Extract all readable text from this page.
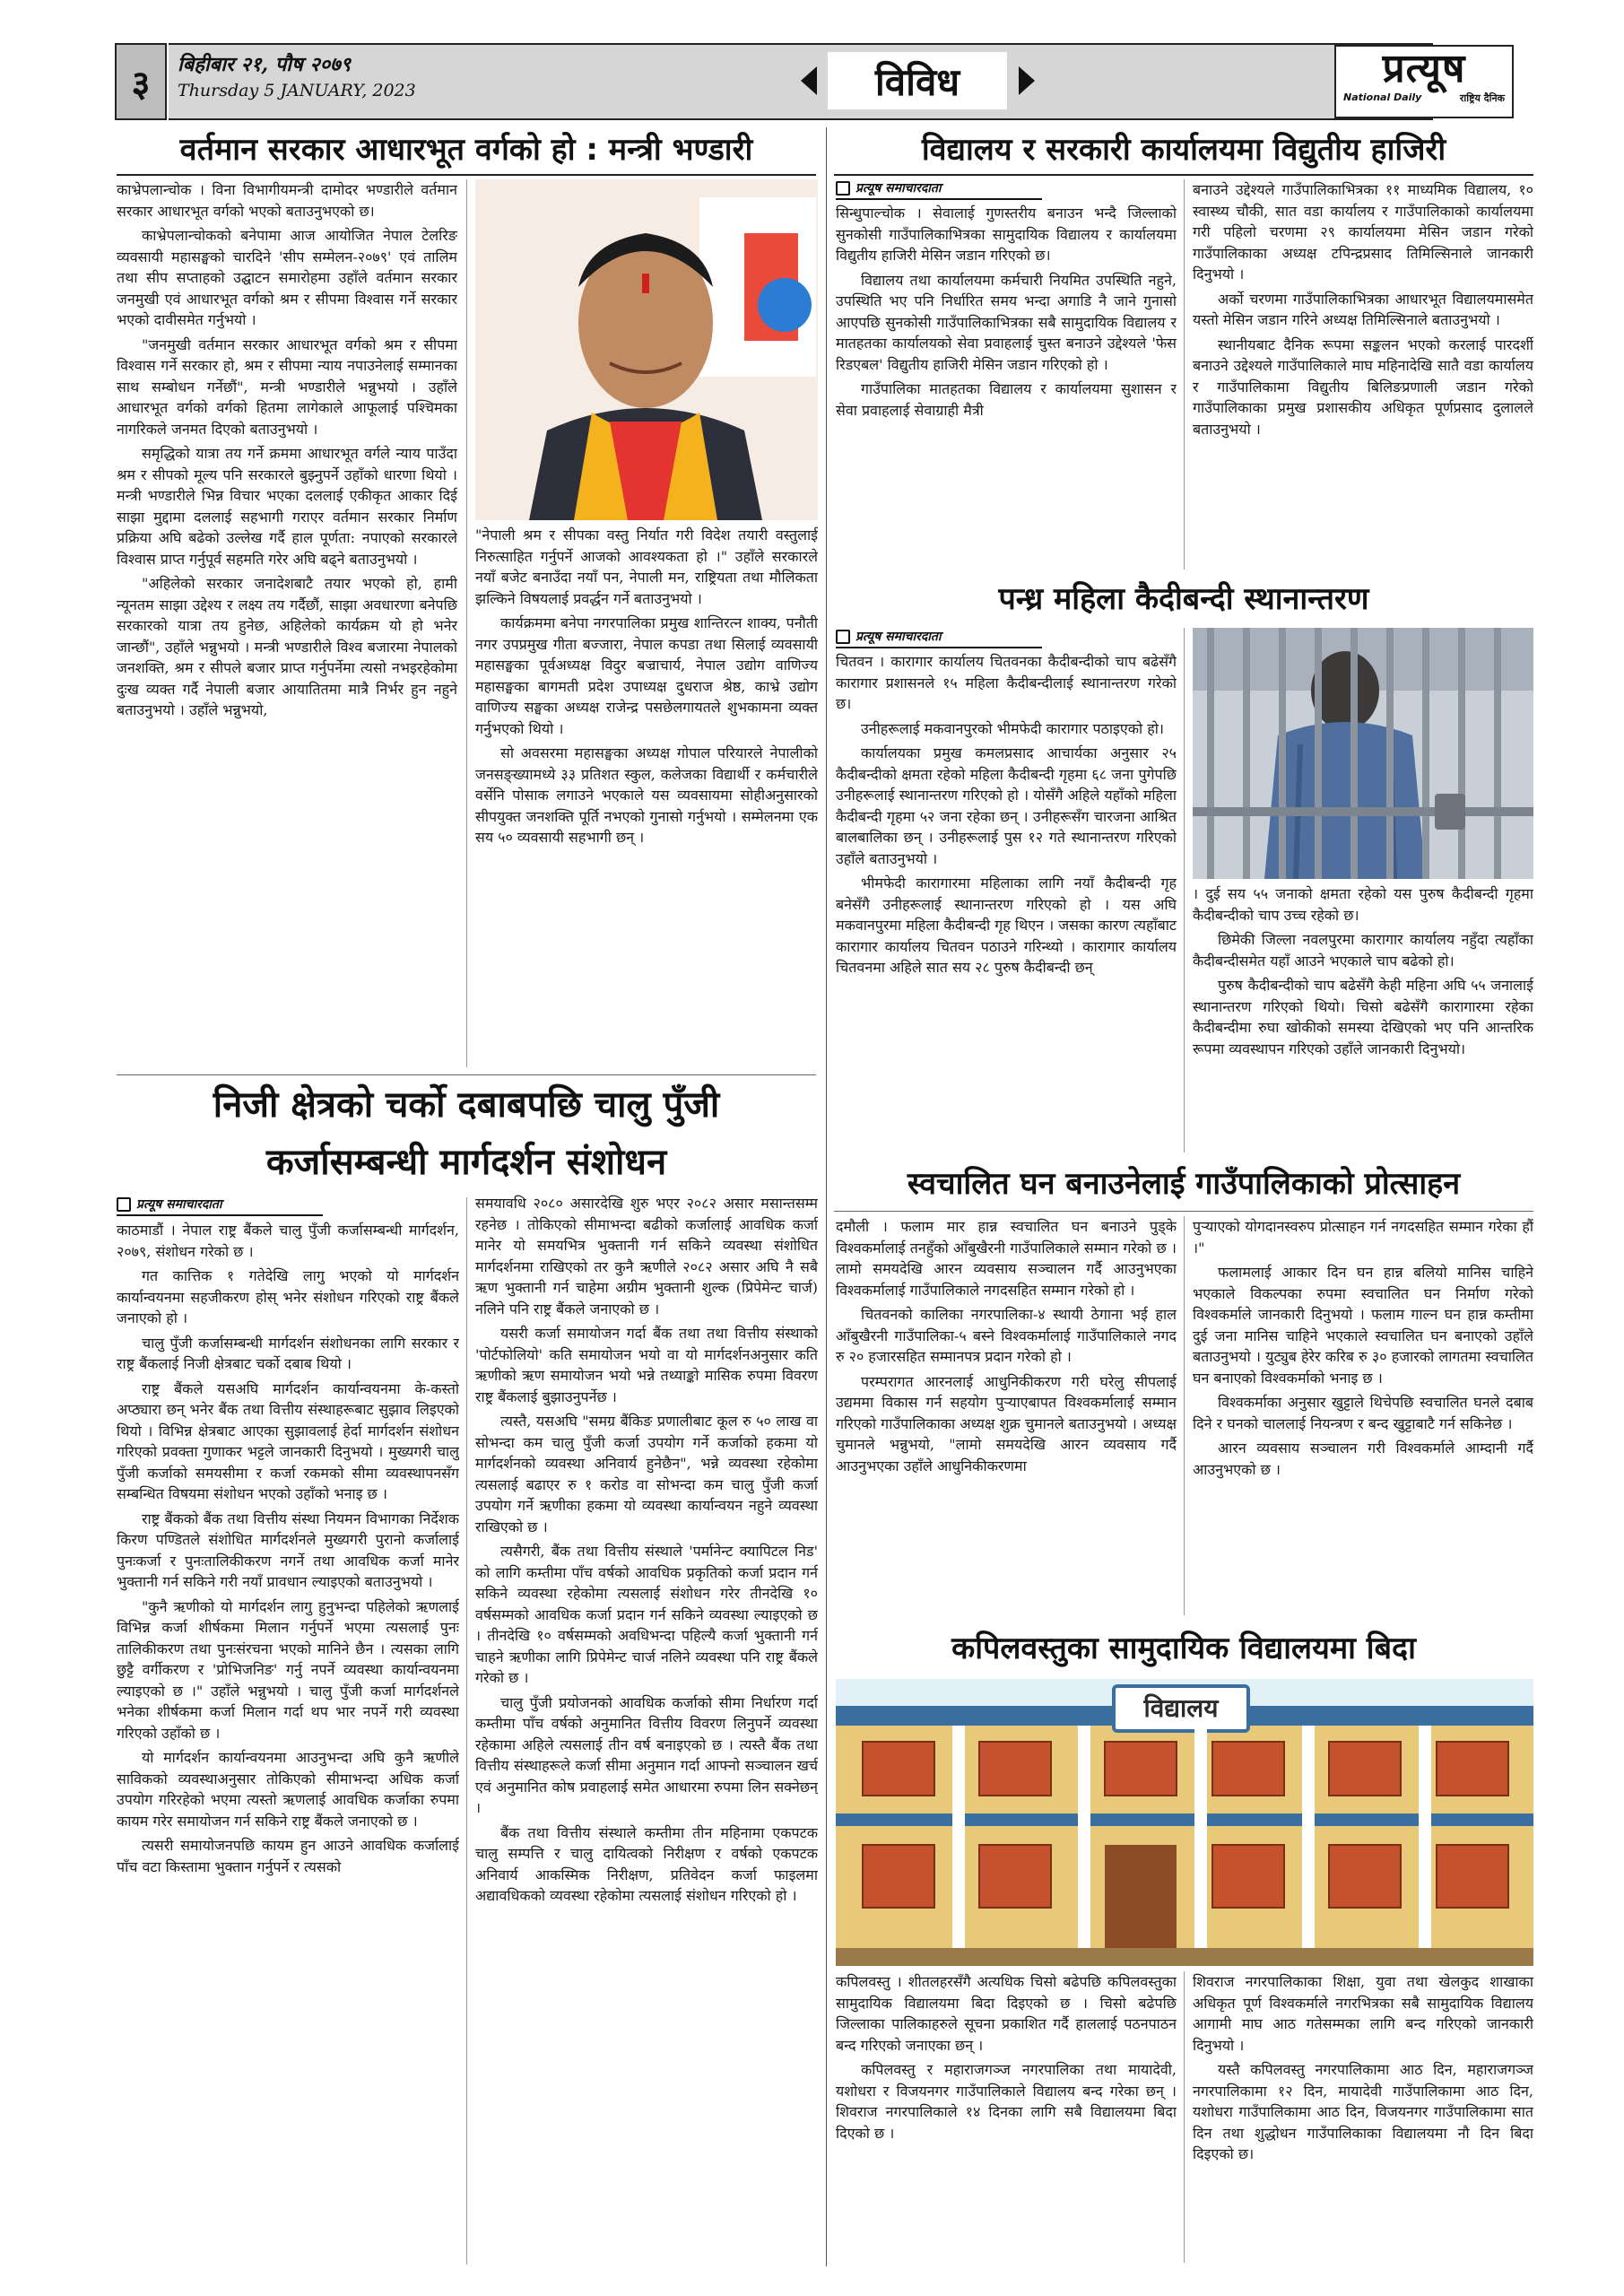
३ बिहीबार २१, पौष २०७९
Thursday 5 JANUARY, 2023	विविध	प्रत्यूष
National Daily	राष्ट्रिय दैनिक
वर्तमान सरकार आधारभूत वर्गको हो : मन्त्री भण्डारी

काभ्रेपलान्चोक । विना विभागीयमन्त्री दामोदर भण्डारीले वर्तमान सरकार आधारभूत वर्गको भएको बताउनुभएको छ।

काभ्रेपलान्चोकको बनेपामा आज आयोजित नेपाल टेलरिङ व्यवसायी महासङ्घको चारदिने 'सीप सम्मेलन-२०७९' एवं तालिम तथा सीप सप्ताहको उद्घाटन समारोहमा उहाँले वर्तमान सरकार जनमुखी एवं आधारभूत वर्गको श्रम र सीपमा विश्वास गर्ने सरकार भएको दावीसमेत गर्नुभयो ।

"जनमुखी वर्तमान सरकार आधारभूत वर्गको श्रम र सीपमा विश्वास गर्ने सरकार हो, श्रम र सीपमा न्याय नपाउनेलाई सम्मानका साथ सम्बोधन गर्नेछौं", मन्त्री भण्डारीले भन्नुभयो । उहाँले आधारभूत वर्गको वर्गको हितमा लागेकाले आफूलाई पश्चिमका नागरिकले जनमत दिएको बताउनुभयो ।

समृद्धिको यात्रा तय गर्ने क्रममा आधारभूत वर्गले न्याय पाउँदा श्रम र सीपको मूल्य पनि सरकारले बुझ्नुपर्ने उहाँको धारणा थियो । मन्त्री भण्डारीले भिन्न विचार भएका दललाई एकीकृत आकार दिई साझा मुद्दामा दललाई सहभागी गराएर वर्तमान सरकार निर्माण प्रक्रिया अघि बढेको उल्लेख गर्दै हाल पूर्णता: नपाएको सरकारले विश्वास प्राप्त गर्नुपूर्व सहमति गरेर अघि बढ्ने बताउनुभयो ।

"अहिलेको सरकार जनादेशबाटै तयार भएको हो, हामी न्यूनतम साझा उद्देश्य र लक्ष्य तय गर्दैछौं, साझा अवधारणा बनेपछि सरकारको यात्रा तय हुनेछ, अहिलेको कार्यक्रम यो हो भनेर जान्छौं", उहाँले भन्नुभयो । मन्त्री भण्डारीले विश्व बजारमा नेपालको जनशक्ति, श्रम र सीपले बजार प्राप्त गर्नुपर्नेमा त्यसो नभइरहेकोमा दुःख व्यक्त गर्दै नेपाली बजार आयातितमा मात्रै निर्भर हुन नहुने बताउनुभयो । उहाँले भन्नुभयो,

"नेपाली श्रम र सीपका वस्तु निर्यात गरी विदेश तयारी वस्तुलाई निरुत्साहित गर्नुपर्ने आजको आवश्यकता हो ।" उहाँले सरकारले नयाँ बजेट बनाउँदा नयाँ पन, नेपाली मन, राष्ट्रियता तथा मौलिकता झल्किने विषयलाई प्रवर्द्धन गर्ने बताउनुभयो ।

कार्यक्रममा बनेपा नगरपालिका प्रमुख शान्तिरत्न शाक्य, पनौती नगर उपप्रमुख गीता बज्जारा, नेपाल कपडा तथा सिलाई व्यवसायी महासङ्घका पूर्वअध्यक्ष विदुर बज्राचार्य, नेपाल उद्योग वाणिज्य महासङ्घका बागमती प्रदेश उपाध्यक्ष दुधराज श्रेष्ठ, काभ्रे उद्योग वाणिज्य सङ्घका अध्यक्ष राजेन्द्र पसछेलगायतले शुभकामना व्यक्त गर्नुभएको थियो ।

सो अवसरमा महासङ्घका अध्यक्ष गोपाल परियारले नेपालीको जनसङ्ख्यामध्ये ३३ प्रतिशत स्कुल, कलेजका विद्यार्थी र कर्मचारीले वर्सेनि पोसाक लगाउने भएकाले यस व्यवसायमा सोहीअनुसारको सीपयुक्त जनशक्ति पूर्ति नभएको गुनासो गर्नुभयो । सम्मेलनमा एक सय ५० व्यवसायी सहभागी छन् ।

निजी क्षेत्रको चर्को दबाबपछि चालु पुँजी
कर्जासम्बन्धी मार्गदर्शन संशोधन
प्रत्यूष समाचारदाता

काठमाडौं । नेपाल राष्ट्र बैंकले चालु पुँजी कर्जासम्बन्धी मार्गदर्शन, २०७९, संशोधन गरेको छ ।

गत कात्तिक १ गतेदेखि लागु भएको यो मार्गदर्शन कार्यान्वयनमा सहजीकरण होस् भनेर संशोधन गरिएको राष्ट्र बैंकले जनाएको हो ।

चालु पुँजी कर्जासम्बन्धी मार्गदर्शन संशोधनका लागि सरकार र राष्ट्र बैंकलाई निजी क्षेत्रबाट चर्को दबाब थियो ।

राष्ट्र बैंकले यसअघि मार्गदर्शन कार्यान्वयनमा के-कस्तो अप्ठ्यारा छन् भनेर बैंक तथा वित्तीय संस्थाहरूबाट सुझाव लिइएको थियो । विभिन्न क्षेत्रबाट आएका सुझावलाई हेर्दा मार्गदर्शन संशोधन गरिएको प्रवक्ता गुणाकर भट्टले जानकारी दिनुभयो । मुख्यगरी चालु पुँजी कर्जाको समयसीमा र कर्जा रकमको सीमा व्यवस्थापनसँग सम्बन्धित विषयमा संशोधन भएको उहाँको भनाइ छ ।

राष्ट्र बैंकको बैंक तथा वित्तीय संस्था नियमन विभागका निर्देशक किरण पण्डितले संशोधित मार्गदर्शनले मुख्यगरी पुरानो कर्जालाई पुनःकर्जा र पुनःतालिकीकरण नगर्ने तथा आवधिक कर्जा मानेर भुक्तानी गर्न सकिने गरी नयाँ प्रावधान ल्याइएको बताउनुभयो ।

"कुनै ऋणीको यो मार्गदर्शन लागु हुनुभन्दा पहिलेको ऋणलाई विभिन्न कर्जा शीर्षकमा मिलान गर्नुपर्ने भएमा त्यसलाई पुनः तालिकीकरण तथा पुनःसंरचना भएको मानिने छैन । त्यसका लागि छुट्टै वर्गीकरण र 'प्रोभिजनिङ' गर्नु नपर्ने व्यवस्था कार्यान्वयनमा ल्याइएको छ ।" उहाँले भन्नुभयो । चालु पुँजी कर्जा मार्गदर्शनले भनेका शीर्षकमा कर्जा मिलान गर्दा थप भार नपर्ने गरी व्यवस्था गरिएको उहाँको छ ।

यो मार्गदर्शन कार्यान्वयनमा आउनुभन्दा अघि कुनै ऋणीले साविकको व्यवस्थाअनुसार तोकिएको सीमाभन्दा अधिक कर्जा उपयोग गरिरहेको भएमा त्यस्तो ऋणलाई आवधिक कर्जाका रुपमा कायम गरेर समायोजन गर्न सकिने राष्ट्र बैंकले जनाएको छ ।

त्यसरी समायोजनपछि कायम हुन आउने आवधिक कर्जालाई पाँच वटा किस्तामा भुक्तान गर्नुपर्ने र त्यसको

समयावधि २०८० असारदेखि शुरु भएर २०८२ असार मसान्तसम्म रहनेछ । तोकिएको सीमाभन्दा बढीको कर्जालाई आवधिक कर्जा मानेर यो समयभित्र भुक्तानी गर्न सकिने व्यवस्था संशोधित मार्गदर्शनमा राखिएको तर कुनै ऋणीले २०८२ असार अघि नै सबै ऋण भुक्तानी गर्न चाहेमा अग्रीम भुक्तानी शुल्क (प्रिपेमेन्ट चार्ज) नलिने पनि राष्ट्र बैंकले जनाएको छ ।

यसरी कर्जा समायोजन गर्दा बैंक तथा तथा वित्तीय संस्थाको 'पोर्टफोलियो' कति समायोजन भयो वा यो मार्गदर्शनअनुसार कति ऋणीको ऋण समायोजन भयो भन्ने तथ्याङ्को मासिक रुपमा विवरण राष्ट्र बैंकलाई बुझाउनुपर्नेछ ।

त्यस्तै, यसअघि "समग्र बैंकिङ प्रणालीबाट कूल रु ५० लाख वा सोभन्दा कम चालु पुँजी कर्जा उपयोग गर्ने कर्जाको हकमा यो मार्गदर्शनको व्यवस्था अनिवार्य हुनेछैन", भन्ने व्यवस्था रहेकोमा त्यसलाई बढाएर रु १ करोड वा सोभन्दा कम चालु पुँजी कर्जा उपयोग गर्ने ऋणीका हकमा यो व्यवस्था कार्यान्वयन नहुने व्यवस्था राखिएको छ ।

त्यसैगरी, बैंक तथा वित्तीय संस्थाले 'पर्मानेन्ट क्यापिटल निड' को लागि कम्तीमा पाँच वर्षको आवधिक प्रकृतिको कर्जा प्रदान गर्न सकिने व्यवस्था रहेकोमा त्यसलाई संशोधन गरेर तीनदेखि १० वर्षसम्मको आवधिक कर्जा प्रदान गर्न सकिने व्यवस्था ल्याइएको छ । तीनदेखि १० वर्षसम्मको अवधिभन्दा पहिल्यै कर्जा भुक्तानी गर्न चाहने ऋणीका लागि प्रिपेमेन्ट चार्ज नलिने व्यवस्था पनि राष्ट्र बैंकले गरेको छ ।

चालु पुँजी प्रयोजनको आवधिक कर्जाको सीमा निर्धारण गर्दा कम्तीमा पाँच वर्षको अनुमानित वित्तीय विवरण लिनुपर्ने व्यवस्था रहेकामा अहिले त्यसलाई तीन वर्ष बनाइएको छ । त्यस्तै बैंक तथा वित्तीय संस्थाहरूले कर्जा सीमा अनुमान गर्दा आफ्नो सञ्चालन खर्च एवं अनुमानित कोष प्रवाहलाई समेत आधारमा रुपमा लिन सक्नेछन् ।

बैंक तथा वित्तीय संस्थाले कम्तीमा तीन महिनामा एकपटक चालु सम्पत्ति र चालु दायित्वको निरीक्षण र वर्षको एकपटक अनिवार्य आकस्मिक निरीक्षण, प्रतिवेदन कर्जा फाइलमा अद्यावधिकको व्यवस्था रहेकोमा त्यसलाई संशोधन गरिएको हो ।

विद्यालय र सरकारी कार्यालयमा विद्युतीय हाजिरी
प्रत्यूष समाचारदाता

सिन्धुपाल्चोक । सेवालाई गुणस्तरीय बनाउन भन्दै जिल्लाको सुनकोसी गाउँपालिकाभित्रका सामुदायिक विद्यालय र कार्यालयमा विद्युतीय हाजिरी मेसिन जडान गरिएको छ।

विद्यालय तथा कार्यालयमा कर्मचारी नियमित उपस्थिति नहुने, उपस्थिति भए पनि निर्धारित समय भन्दा अगाडि नै जाने गुनासो आएपछि सुनकोसी गाउँपालिकाभित्रका सबै सामुदायिक विद्यालय र मातहतका कार्यालयको सेवा प्रवाहलाई चुस्त बनाउने उद्देश्यले 'फेस रिडएबल' विद्युतीय हाजिरी मेसिन जडान गरिएको हो ।

गाउँपालिका मातहतका विद्यालय र कार्यालयमा सुशासन र सेवा प्रवाहलाई सेवाग्राही मैत्री

बनाउने उद्देश्यले गाउँपालिकाभित्रका ११ माध्यमिक विद्यालय, १० स्वास्थ्य चौकी, सात वडा कार्यालय र गाउँपालिकाको कार्यालयमा गरी पहिलो चरणमा २९ कार्यालयमा मेसिन जडान गरेको गाउँपालिकाका अध्यक्ष टपिन्द्रप्रसाद तिमिल्सिनाले जानकारी दिनुभयो ।

अर्को चरणमा गाउँपालिकाभित्रका आधारभूत विद्यालयमासमेत यस्तो मेसिन जडान गरिने अध्यक्ष तिमिल्सिनाले बताउनुभयो ।

स्थानीयबाट दैनिक रूपमा सङ्कलन भएको करलाई पारदर्शी बनाउने उद्देश्यले गाउँपालिकाले माघ महिनादेखि सातै वडा कार्यालय र गाउँपालिकामा विद्युतीय बिलिङप्रणाली जडान गरेको गाउँपालिकाका प्रमुख प्रशासकीय अधिकृत पूर्णप्रसाद दुलालले बताउनुभयो ।

पन्ध्र महिला कैदीबन्दी स्थानान्तरण
प्रत्यूष समाचारदाता

चितवन । कारागार कार्यालय चितवनका कैदीबन्दीको चाप बढेसँगै कारागार प्रशासनले १५ महिला कैदीबन्दीलाई स्थानान्तरण गरेको छ।

उनीहरूलाई मकवानपुरको भीमफेदी कारागार पठाइएको हो।

कार्यालयका प्रमुख कमलप्रसाद आचार्यका अनुसार २५ कैदीबन्दीको क्षमता रहेको महिला कैदीबन्दी गृहमा ६८ जना पुगेपछि उनीहरूलाई स्थानान्तरण गरिएको हो । योसँगै अहिले यहाँको महिला कैदीबन्दी गृहमा ५२ जना रहेका छन् । उनीहरूसँग चारजना आश्रित बालबालिका छन् । उनीहरूलाई पुस १२ गते स्थानान्तरण गरिएको उहाँले बताउनुभयो ।

भीमफेदी कारागारमा महिलाका लागि नयाँ कैदीबन्दी गृह बनेसँगै उनीहरूलाई स्थानान्तरण गरिएको हो । यस अघि मकवानपुरमा महिला कैदीबन्दी गृह थिएन । जसका कारण त्यहाँबाट कारागार कार्यालय चितवन पठाउने गरिन्थ्यो । कारागार कार्यालय चितवनमा अहिले सात सय २८ पुरुष कैदीबन्दी छन्

। दुई सय ५५ जनाको क्षमता रहेको यस पुरुष कैदीबन्दी गृहमा कैदीबन्दीको चाप उच्च रहेको छ।

छिमेकी जिल्ला नवलपुरमा कारागार कार्यालय नहुँदा त्यहाँका कैदीबन्दीसमेत यहाँ आउने भएकाले चाप बढेको हो।

पुरुष कैदीबन्दीको चाप बढेसँगै केही महिना अघि ५५ जनालाई स्थानान्तरण गरिएको थियो। चिसो बढेसँगै कारागारमा रहेका कैदीबन्दीमा रुघा खोकीको समस्या देखिएको भए पनि आन्तरिक रूपमा व्यवस्थापन गरिएको उहाँले जानकारी दिनुभयो।

स्वचालित घन बनाउनेलाई गाउँपालिकाको प्रोत्साहन

दमौली । फलाम मार हान्न स्वचालित घन बनाउने पुड्के विश्वकर्मालाई तनहुँको आँबुखैरनी गाउँपालिकाले सम्मान गरेको छ । लामो समयदेखि आरन व्यवसाय सञ्चालन गर्दै आउनुभएका विश्वकर्मालाई गाउँपालिकाले नगदसहित सम्मान गरेको हो ।

चितवनको कालिका नगरपालिका-४ स्थायी ठेगाना भई हाल आँबुखैरनी गाउँपालिका-५ बस्ने विश्वकर्मालाई गाउँपालिकाले नगद रु २० हजारसहित सम्मानपत्र प्रदान गरेको हो ।

परम्परागत आरनलाई आधुनिकीकरण गरी घरेलु सीपलाई उद्यममा विकास गर्न सहयोग पुऱ्याएबापत विश्वकर्मालाई सम्मान गरिएको गाउँपालिकाका अध्यक्ष शुक्र चुमानले बताउनुभयो । अध्यक्ष चुमानले भन्नुभयो, "लामो समयदेखि आरन व्यवसाय गर्दै आउनुभएका उहाँले आधुनिकीकरणमा

पुऱ्याएको योगदानस्वरुप प्रोत्साहन गर्न नगदसहित सम्मान गरेका हौं ।"

फलामलाई आकार दिन घन हान्न बलियो मानिस चाहिने भएकाले विकल्पका रुपमा स्वचालित घन निर्माण गरेको विश्वकर्माले जानकारी दिनुभयो । फलाम गाल्न घन हान्न कम्तीमा दुई जना मानिस चाहिने भएकाले स्वचालित घन बनाएको उहाँले बताउनुभयो । युट्युब हेरेर करिब रु ३० हजारको लागतमा स्वचालित घन बनाएको विश्वकर्माको भनाइ छ ।

विश्वकर्माका अनुसार खुट्टाले थिचेपछि स्वचालित घनले दबाब दिने र घनको चाललाई नियन्त्रण र बन्द खुट्टाबाटै गर्न सकिनेछ ।

आरन व्यवसाय सञ्चालन गरी विश्वकर्माले आम्दानी गर्दै आउनुभएको छ ।

कपिलवस्तुका सामुदायिक विद्यालयमा बिदा
विद्यालय

कपिलवस्तु । शीतलहरसँगै अत्यधिक चिसो बढेपछि कपिलवस्तुका सामुदायिक विद्यालयमा बिदा दिइएको छ । चिसो बढेपछि जिल्लाका पालिकाहरुले सूचना प्रकाशित गर्दै हाललाई पठनपाठन बन्द गरिएको जनाएका छन् ।

कपिलवस्तु र महाराजगञ्ज नगरपालिका तथा मायादेवी, यशोधरा र विजयनगर गाउँपालिकाले विद्यालय बन्द गरेका छन् । शिवराज नगरपालिकाले १४ दिनका लागि सबै विद्यालयमा बिदा दिएको छ ।

शिवराज नगरपालिकाका शिक्षा, युवा तथा खेलकुद शाखाका अधिकृत पूर्ण विश्वकर्माले नगरभित्रका सबै सामुदायिक विद्यालय आगामी माघ आठ गतेसम्मका लागि बन्द गरिएको जानकारी दिनुभयो ।

यस्तै कपिलवस्तु नगरपालिकामा आठ दिन, महाराजगञ्ज नगरपालिकामा १२ दिन, मायादेवी गाउँपालिकामा आठ दिन, यशोधरा गाउँपालिकामा आठ दिन, विजयनगर गाउँपालिकामा सात दिन तथा शुद्धोधन गाउँपालिकाका विद्यालयमा नौ दिन बिदा दिइएको छ।
